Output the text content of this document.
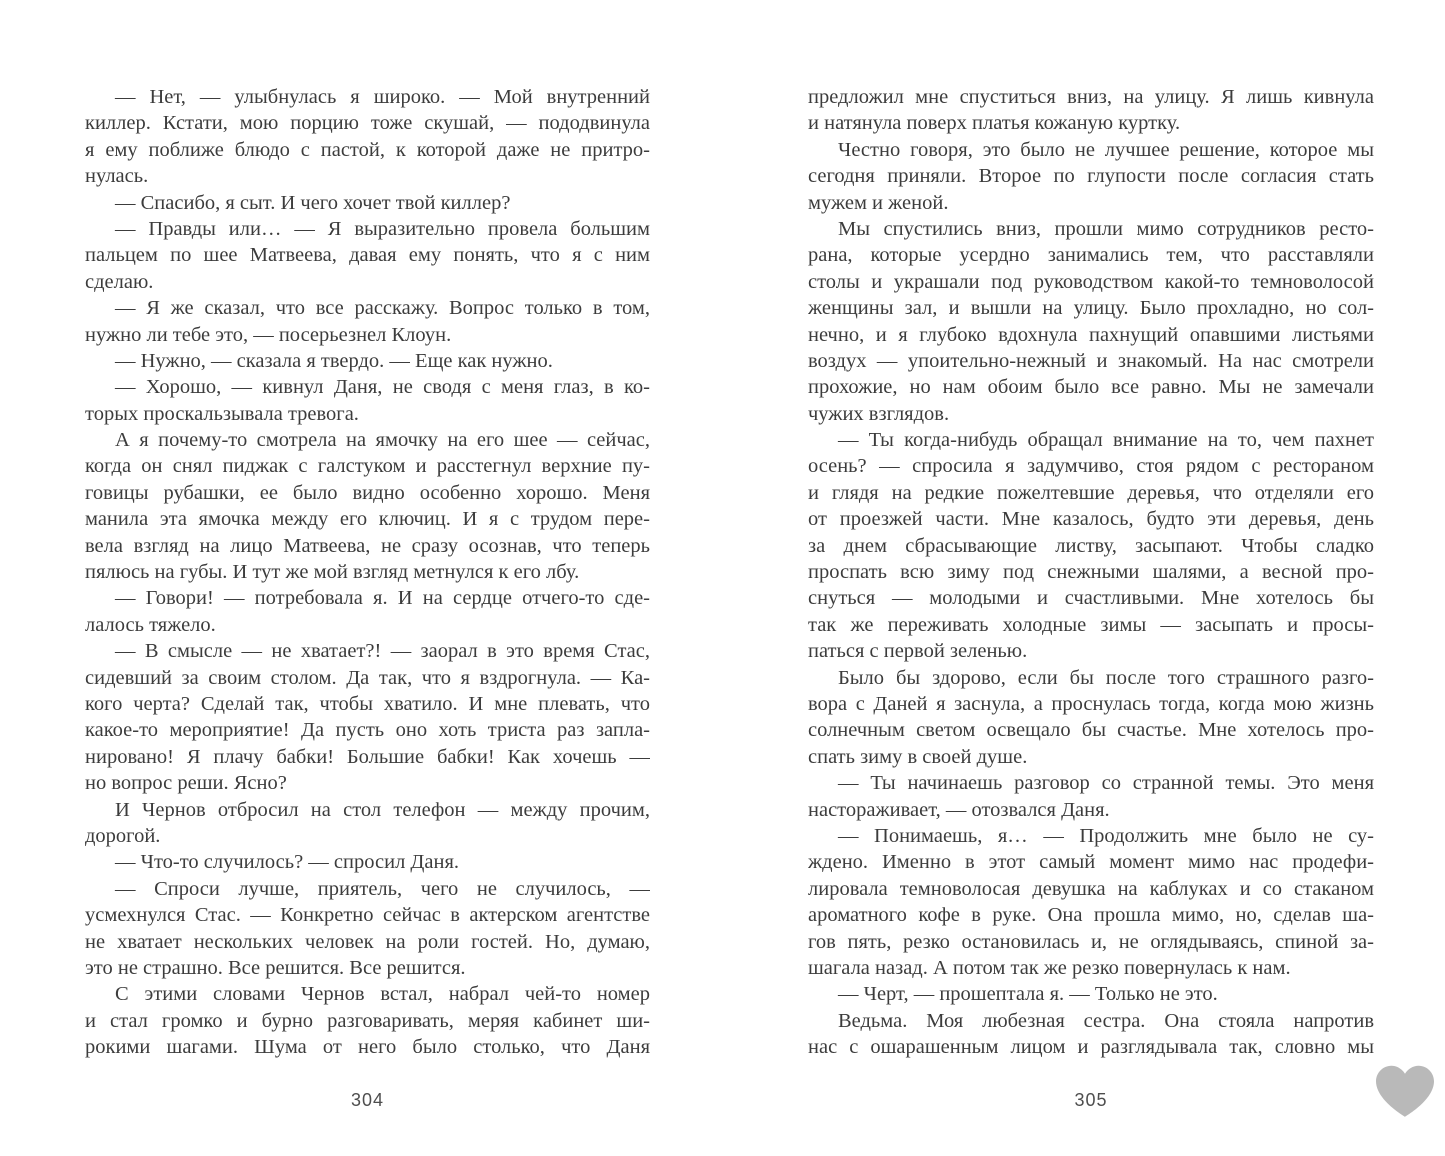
— Нет, — улыбнулась я широко. — Мой внутренний
киллер. Кстати, мою порцию тоже скушай, — пододвинула
я ему поближе блюдо с пастой, к которой даже не притро-
нулась.
— Спасибо, я сыт. И чего хочет твой киллер?
— Правды или… — Я выразительно провела большим
пальцем по шее Матвеева, давая ему понять, что я с ним
сделаю.
— Я же сказал, что все расскажу. Вопрос только в том,
нужно ли тебе это, — посерьезнел Клоун.
— Нужно, — сказала я твердо. — Еще как нужно.
— Хорошо, — кивнул Даня, не сводя с меня глаз, в ко-
торых проскальзывала тревога.
А я почему-то смотрела на ямочку на его шее — сейчас,
когда он снял пиджак с галстуком и расстегнул верхние пу-
говицы рубашки, ее было видно особенно хорошо. Меня
манила эта ямочка между его ключиц. И я с трудом пере-
вела взгляд на лицо Матвеева, не сразу осознав, что теперь
пялюсь на губы. И тут же мой взгляд метнулся к его лбу.
— Говори! — потребовала я. И на сердце отчего-то сде-
лалось тяжело.
— В смысле — не хватает?! — заорал в это время Стас,
сидевший за своим столом. Да так, что я вздрогнула. — Ка-
кого черта? Сделай так, чтобы хватило. И мне плевать, что
какое-то мероприятие! Да пусть оно хоть триста раз запла-
нировано! Я плачу бабки! Большие бабки! Как хочешь —
но вопрос реши. Ясно?
И Чернов отбросил на стол телефон — между прочим,
дорогой.
— Что-то случилось? — спросил Даня.
— Спроси лучше, приятель, чего не случилось, —
усмехнулся Стас. — Конкретно сейчас в актерском агентстве
не хватает нескольких человек на роли гостей. Но, думаю,
это не страшно. Все решится. Все решится.
С этими словами Чернов встал, набрал чей-то номер
и стал громко и бурно разговаривать, меряя кабинет ши-
рокими шагами. Шума от него было столько, что Даня
предложил мне спуститься вниз, на улицу. Я лишь кивнула
и натянула поверх платья кожаную куртку.
Честно говоря, это было не лучшее решение, которое мы
сегодня приняли. Второе по глупости после согласия стать
мужем и женой.
Мы спустились вниз, прошли мимо сотрудников ресто-
рана, которые усердно занимались тем, что расставляли
столы и украшали под руководством какой-то темноволосой
женщины зал, и вышли на улицу. Было прохладно, но сол-
нечно, и я глубоко вдохнула пахнущий опавшими листьями
воздух — упоительно-нежный и знакомый. На нас смотрели
прохожие, но нам обоим было все равно. Мы не замечали
чужих взглядов.
— Ты когда-нибудь обращал внимание на то, чем пахнет
осень? — спросила я задумчиво, стоя рядом с рестораном
и глядя на редкие пожелтевшие деревья, что отделяли его
от проезжей части. Мне казалось, будто эти деревья, день
за днем сбрасывающие листву, засыпают. Чтобы сладко
проспать всю зиму под снежными шалями, а весной про-
снуться — молодыми и счастливыми. Мне хотелось бы
так же переживать холодные зимы — засыпать и просы-
паться с первой зеленью.
Было бы здорово, если бы после того страшного разго-
вора с Даней я заснула, а проснулась тогда, когда мою жизнь
солнечным светом освещало бы счастье. Мне хотелось про-
спать зиму в своей душе.
— Ты начинаешь разговор со странной темы. Это меня
настораживает, — отозвался Даня.
— Понимаешь, я… — Продолжить мне было не су-
ждено. Именно в этот самый момент мимо нас продефи-
лировала темноволосая девушка на каблуках и со стаканом
ароматного кофе в руке. Она прошла мимо, но, сделав ша-
гов пять, резко остановилась и, не оглядываясь, спиной за-
шагала назад. А потом так же резко повернулась к нам.
— Черт, — прошептала я. — Только не это.
Ведьма. Моя любезная сестра. Она стояла напротив
нас с ошарашенным лицом и разглядывала так, словно мы
304	305
